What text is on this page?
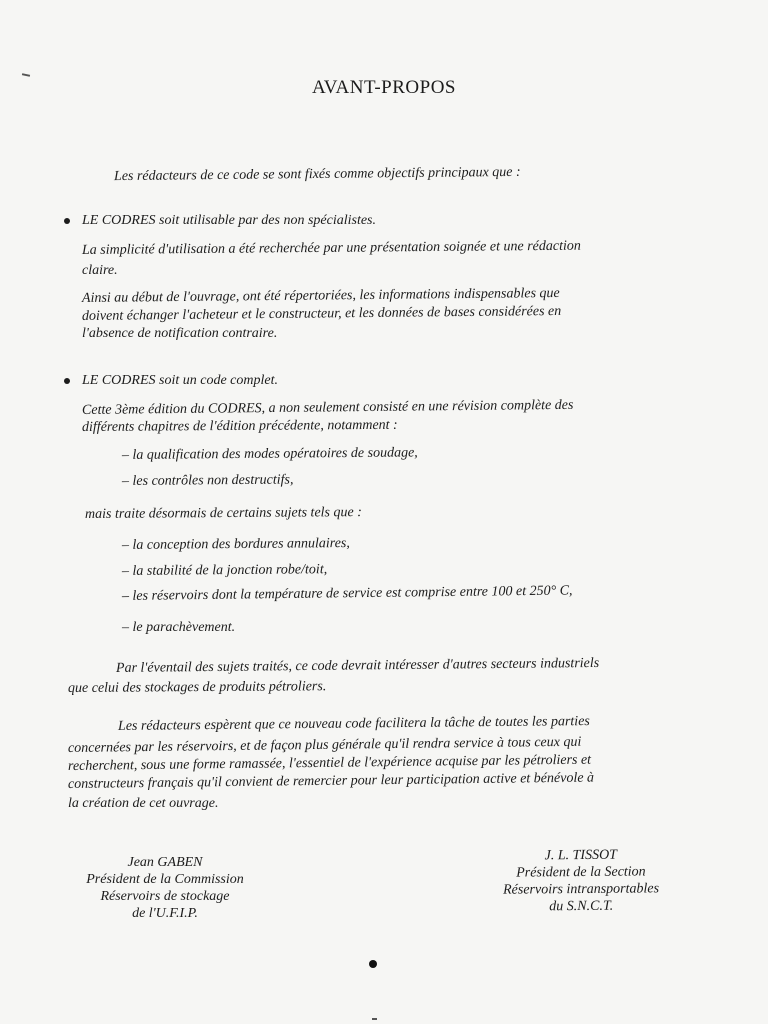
AVANT-PROPOS
Les rédacteurs de ce code se sont fixés comme objectifs principaux que :
LE CODRES soit utilisable par des non spécialistes.
La simplicité d'utilisation a été recherchée par une présentation soignée et une rédaction
claire.
Ainsi au début de l'ouvrage, ont été répertoriées, les informations indispensables que
doivent échanger l'acheteur et le constructeur, et les données de bases considérées en
l'absence de notification contraire.
LE CODRES soit un code complet.
Cette 3ème édition du CODRES, a non seulement consisté en une révision complète des
différents chapitres de l'édition précédente, notamment :
– la qualification des modes opératoires de soudage,
– les contrôles non destructifs,
mais traite désormais de certains sujets tels que :
– la conception des bordures annulaires,
– la stabilité de la jonction robe/toit,
– les réservoirs dont la température de service est comprise entre 100 et 250° C,
– le parachèvement.
Par l'éventail des sujets traités, ce code devrait intéresser d'autres secteurs industriels
que celui des stockages de produits pétroliers.
Les rédacteurs espèrent que ce nouveau code facilitera la tâche de toutes les parties
concernées par les réservoirs, et de façon plus générale qu'il rendra service à tous ceux qui
recherchent, sous une forme ramassée, l'essentiel de l'expérience acquise par les pétroliers et
constructeurs français qu'il convient de remercier pour leur participation active et bénévole à
la création de cet ouvrage.
Jean GABEN
Président de la Commission
Réservoirs de stockage
de l'U.F.I.P.
J. L. TISSOT
Président de la Section
Réservoirs intransportables
du S.N.C.T.
